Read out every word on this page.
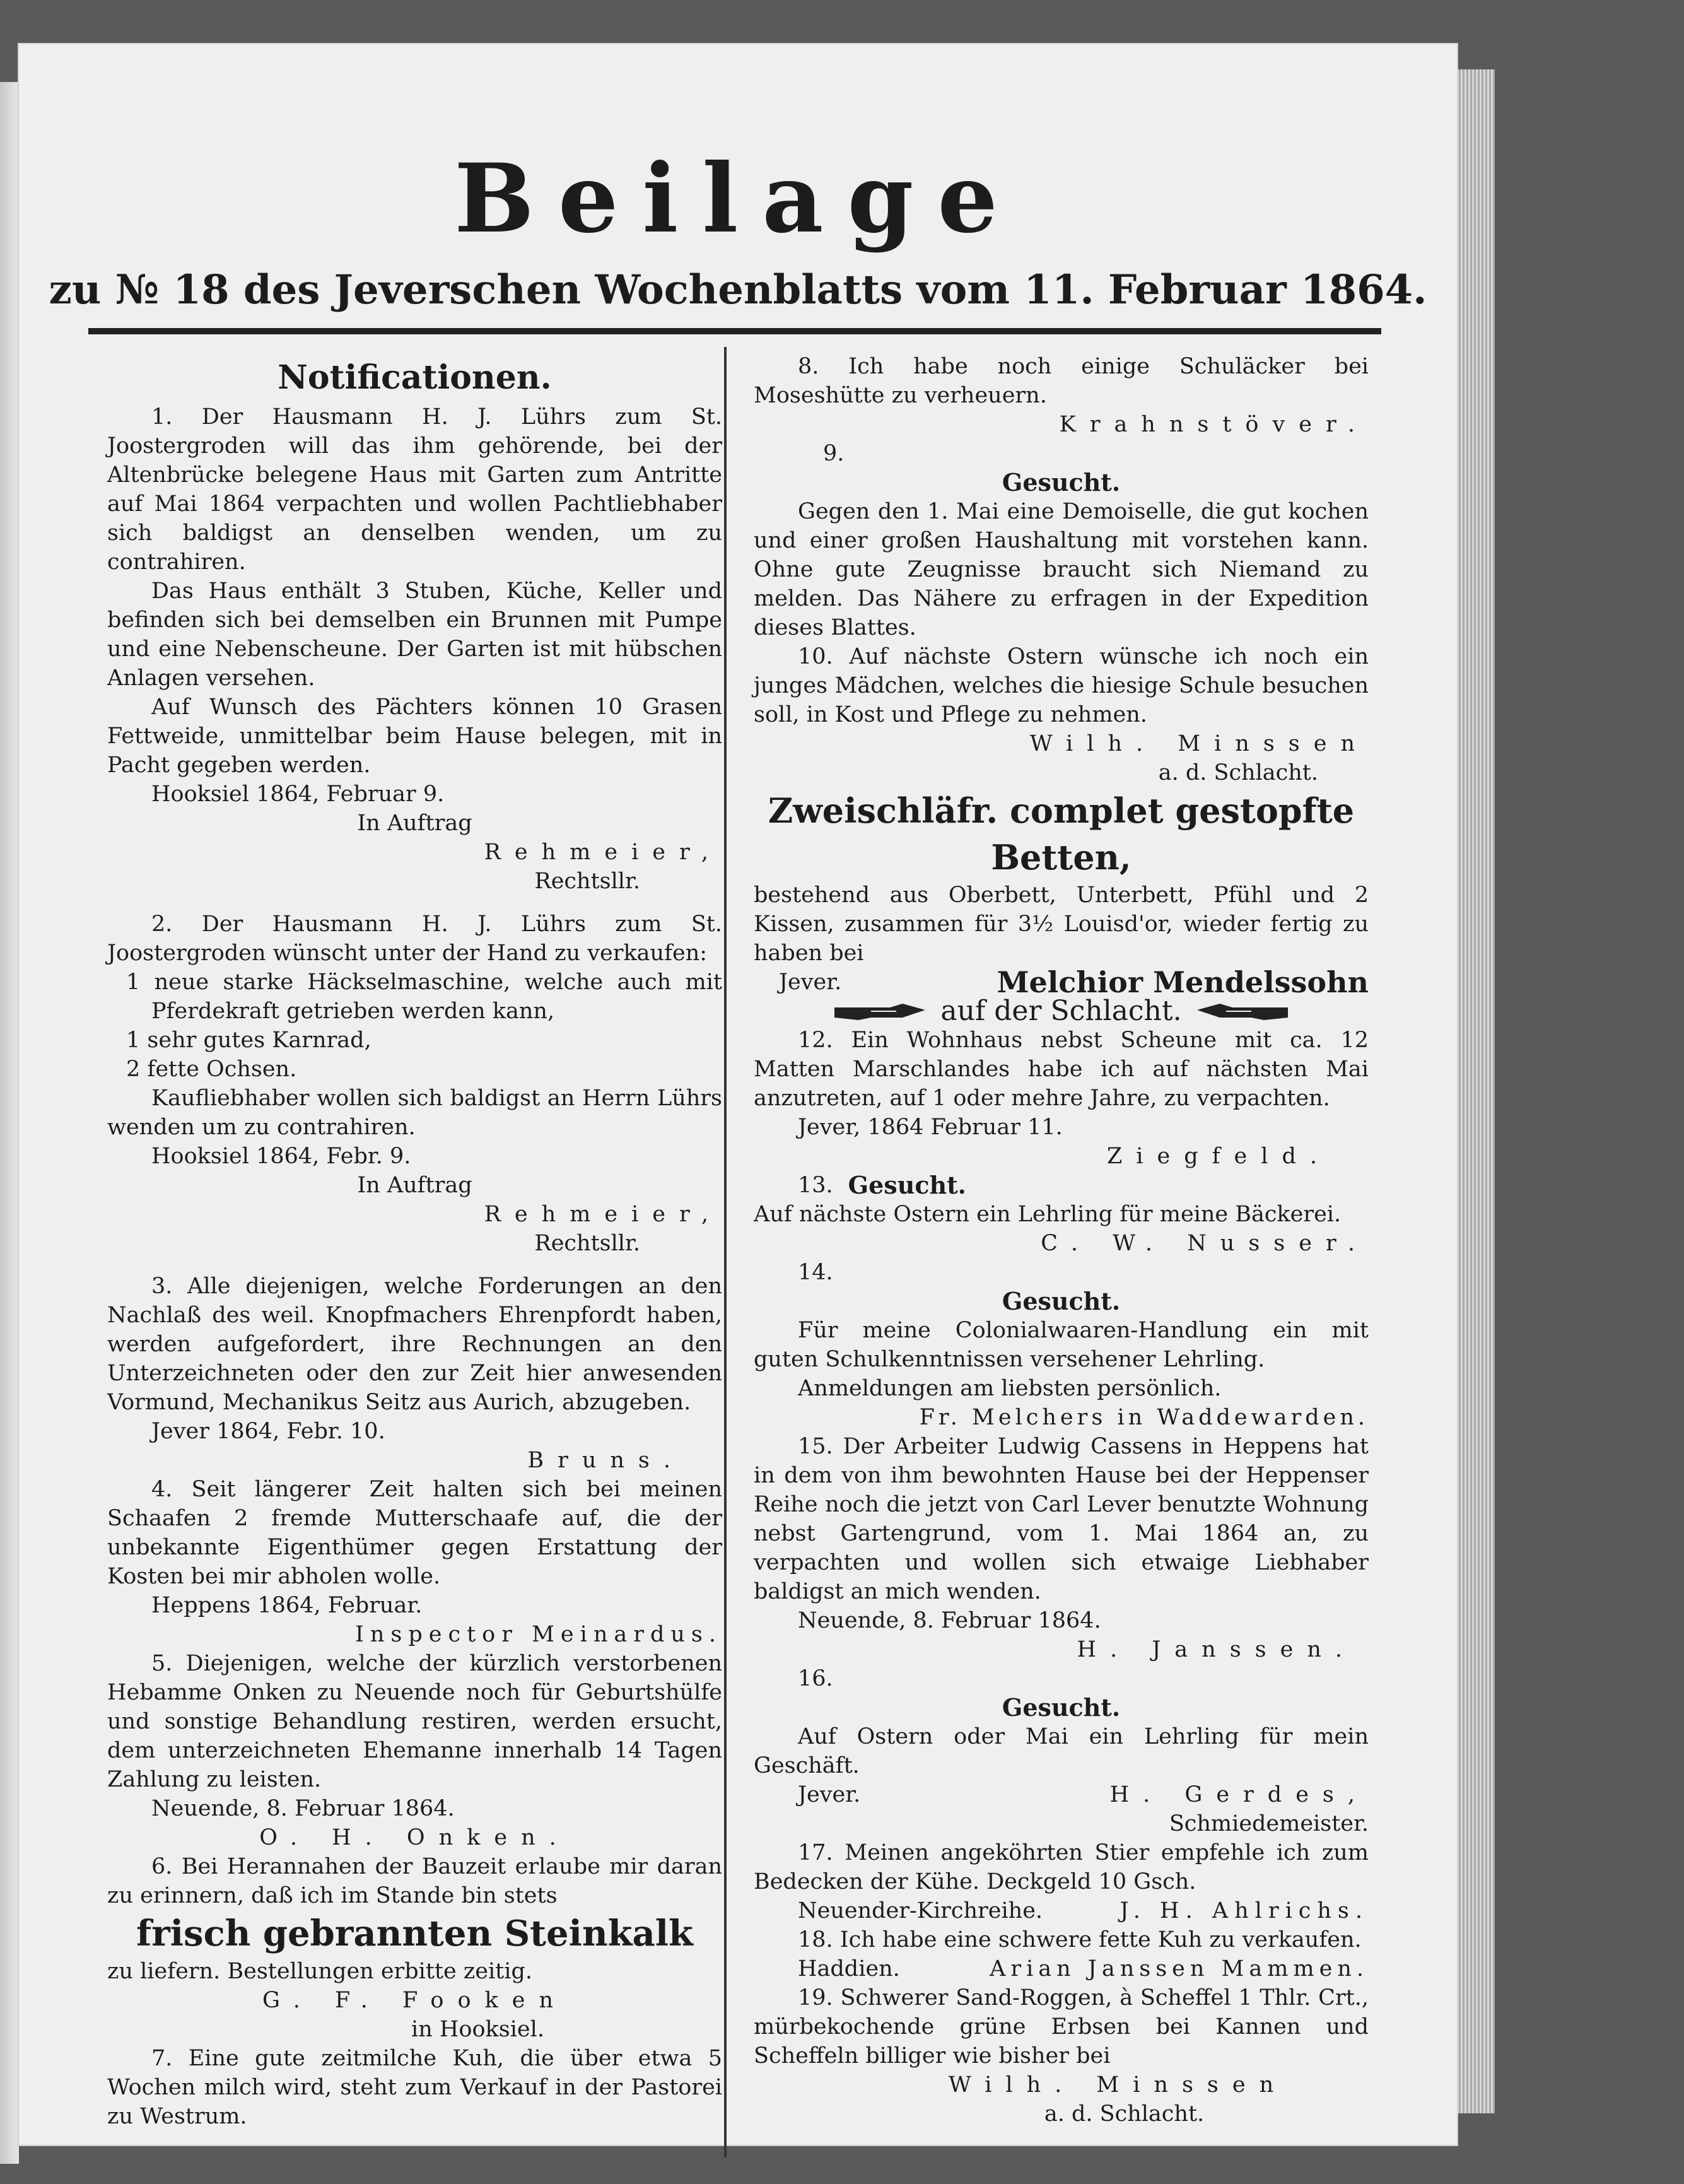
Beilage
zu № 18 des Jeverschen Wochenblatts vom 11. Februar 1864.
Notificationen.

1. Der Hausmann H. J. Lührs zum St. Joostergroden will das ihm gehörende, bei der Altenbrücke belegene Haus mit Garten zum Antritte auf Mai 1864 verpachten und wollen Pachtliebhaber sich baldigst an denselben wenden, um zu contrahiren.

Das Haus enthält 3 Stuben, Küche, Keller und befinden sich bei demselben ein Brunnen mit Pumpe und eine Nebenscheune. Der Garten ist mit hübschen Anlagen versehen.

Auf Wunsch des Pächters können 10 Grasen Fettweide, unmittelbar beim Hause belegen, mit in Pacht gegeben werden.

Hooksiel 1864, Februar 9.

In Auftrag

Rehmeier,

Rechtsllr.

2. Der Hausmann H. J. Lührs zum St. Joostergroden wünscht unter der Hand zu verkaufen:

1 neue starke Häckselmaschine, welche auch mit Pferdekraft getrieben werden kann,

1 sehr gutes Karnrad,

2 fette Ochsen.

Kaufliebhaber wollen sich baldigst an Herrn Lührs wenden um zu contrahiren.

Hooksiel 1864, Febr. 9.

In Auftrag

Rehmeier,

Rechtsllr.

3. Alle diejenigen, welche Forderungen an den Nachlaß des weil. Knopfmachers Ehrenpfordt haben, werden aufgefordert, ihre Rechnungen an den Unterzeichneten oder den zur Zeit hier anwesenden Vormund, Mechanikus Seitz aus Aurich, abzugeben.

Jever 1864, Febr. 10.

Bruns.

4. Seit längerer Zeit halten sich bei meinen Schaafen 2 fremde Mutterschaafe auf, die der unbekannte Eigenthümer gegen Erstattung der Kosten bei mir abholen wolle.

Heppens 1864, Februar.

Inspector Meinardus.

5. Diejenigen, welche der kürzlich verstorbenen Hebamme Onken zu Neuende noch für Geburtshülfe und sonstige Behandlung restiren, werden ersucht, dem unterzeichneten Ehemanne innerhalb 14 Tagen Zahlung zu leisten.

Neuende, 8. Februar 1864.

O. H. Onken.

6. Bei Herannahen der Bauzeit erlaube mir daran zu erinnern, daß ich im Stande bin stets

frisch gebrannten Steinkalk

zu liefern. Bestellungen erbitte zeitig.

G. F. Fooken

in Hooksiel.

7. Eine gute zeitmilche Kuh, die über etwa 5 Wochen milch wird, steht zum Verkauf in der Pastorei zu Westrum.

8. Ich habe noch einige Schuläcker bei Moseshütte zu verheuern.

Krahnstöver.

9.

Gesucht.

Gegen den 1. Mai eine Demoiselle, die gut kochen und einer großen Haushaltung mit vorstehen kann. Ohne gute Zeugnisse braucht sich Niemand zu melden. Das Nähere zu erfragen in der Expedition dieses Blattes.

10. Auf nächste Ostern wünsche ich noch ein junges Mädchen, welches die hiesige Schule besuchen soll, in Kost und Pflege zu nehmen.

Wilh. Minssen

a. d. Schlacht.

Zweischläfr. complet gestopfte Betten,

bestehend aus Oberbett, Unterbett, Pfühl und 2 Kissen, zusammen für 3½ Louisd'or, wieder fertig zu haben bei

Jever.	Melchior Mendelssohn
auf der Schlacht.

12. Ein Wohnhaus nebst Scheune mit ca. 12 Matten Marschlandes habe ich auf nächsten Mai anzutreten, auf 1 oder mehre Jahre, zu verpachten.

Jever, 1864 Februar 11.

Ziegfeld.

13. Gesucht.

Auf nächste Ostern ein Lehrling für meine Bäckerei.

C. W. Nusser.

14.

Gesucht.

Für meine Colonialwaaren-Handlung ein mit guten Schulkenntnissen versehener Lehrling.

Anmeldungen am liebsten persönlich.

Fr. Melchers in Waddewarden.

15. Der Arbeiter Ludwig Cassens in Heppens hat in dem von ihm bewohnten Hause bei der Heppenser Reihe noch die jetzt von Carl Lever benutzte Wohnung nebst Gartengrund, vom 1. Mai 1864 an, zu verpachten und wollen sich etwaige Liebhaber baldigst an mich wenden.

Neuende, 8. Februar 1864.

H. Janssen.

16.

Gesucht.

Auf Ostern oder Mai ein Lehrling für mein Geschäft.

Jever.	H. Gerdes,

Schmiedemeister.

17. Meinen angeköhrten Stier empfehle ich zum Bedecken der Kühe. Deckgeld 10 Gsch.

Neuender-Kirchreihe.	J. H. Ahlrichs.

18. Ich habe eine schwere fette Kuh zu verkaufen.

Haddien.	Arian Janssen Mammen.

19. Schwerer Sand-Roggen, à Scheffel 1 Thlr. Crt., mürbekochende grüne Erbsen bei Kannen und Scheffeln billiger wie bisher bei

Wilh. Minssen

a. d. Schlacht.
